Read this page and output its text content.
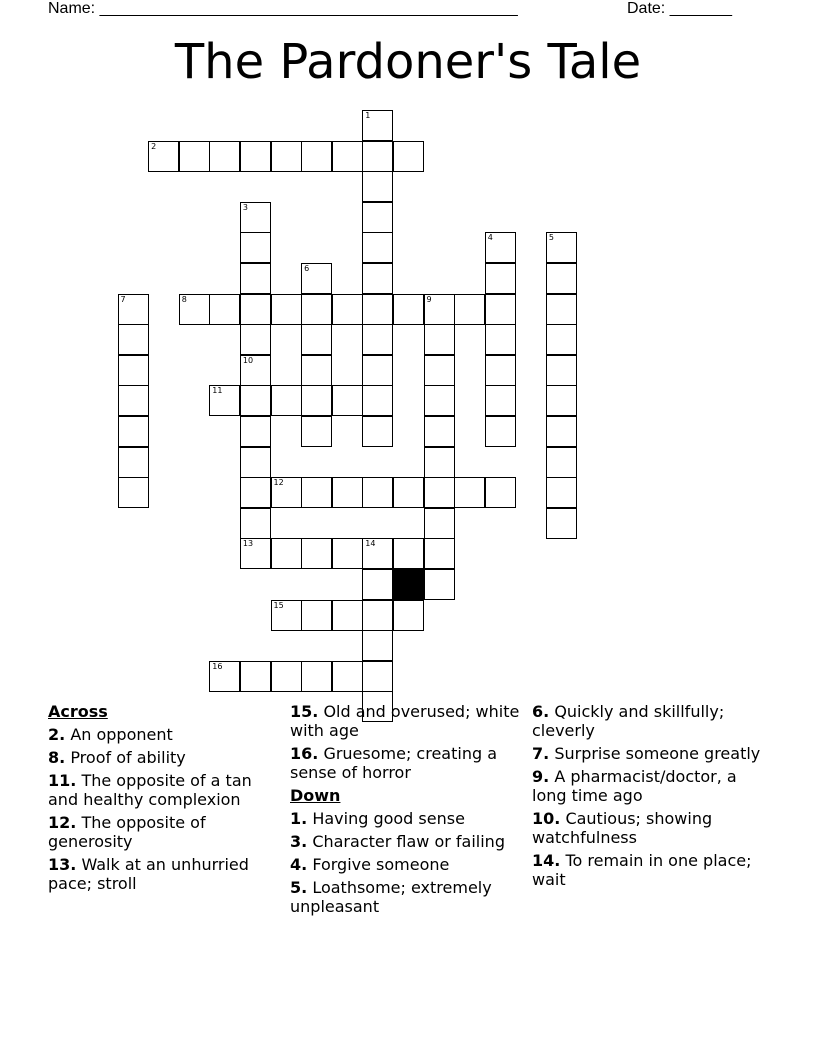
Name: _______________________________________________	Date: _______
The Pardoner's Tale
1
2
3
10
4	5
6
7	8	9
11
12
13	14
15
16
Across
2. An opponent
8. Proof of ability
11. The opposite of a tan and healthy complexion
12. The opposite of generosity
13. Walk at an unhurried pace; stroll
15. Old and overused; white with age
16. Gruesome; creating a sense of horror
Down
1. Having good sense
3. Character flaw or failing
4. Forgive someone
5. Loathsome; extremely unpleasant
6. Quickly and skillfully; cleverly
7. Surprise someone greatly
9. A pharmacist/doctor, a long time ago
10. Cautious; showing watchfulness
14. To remain in one place; wait
